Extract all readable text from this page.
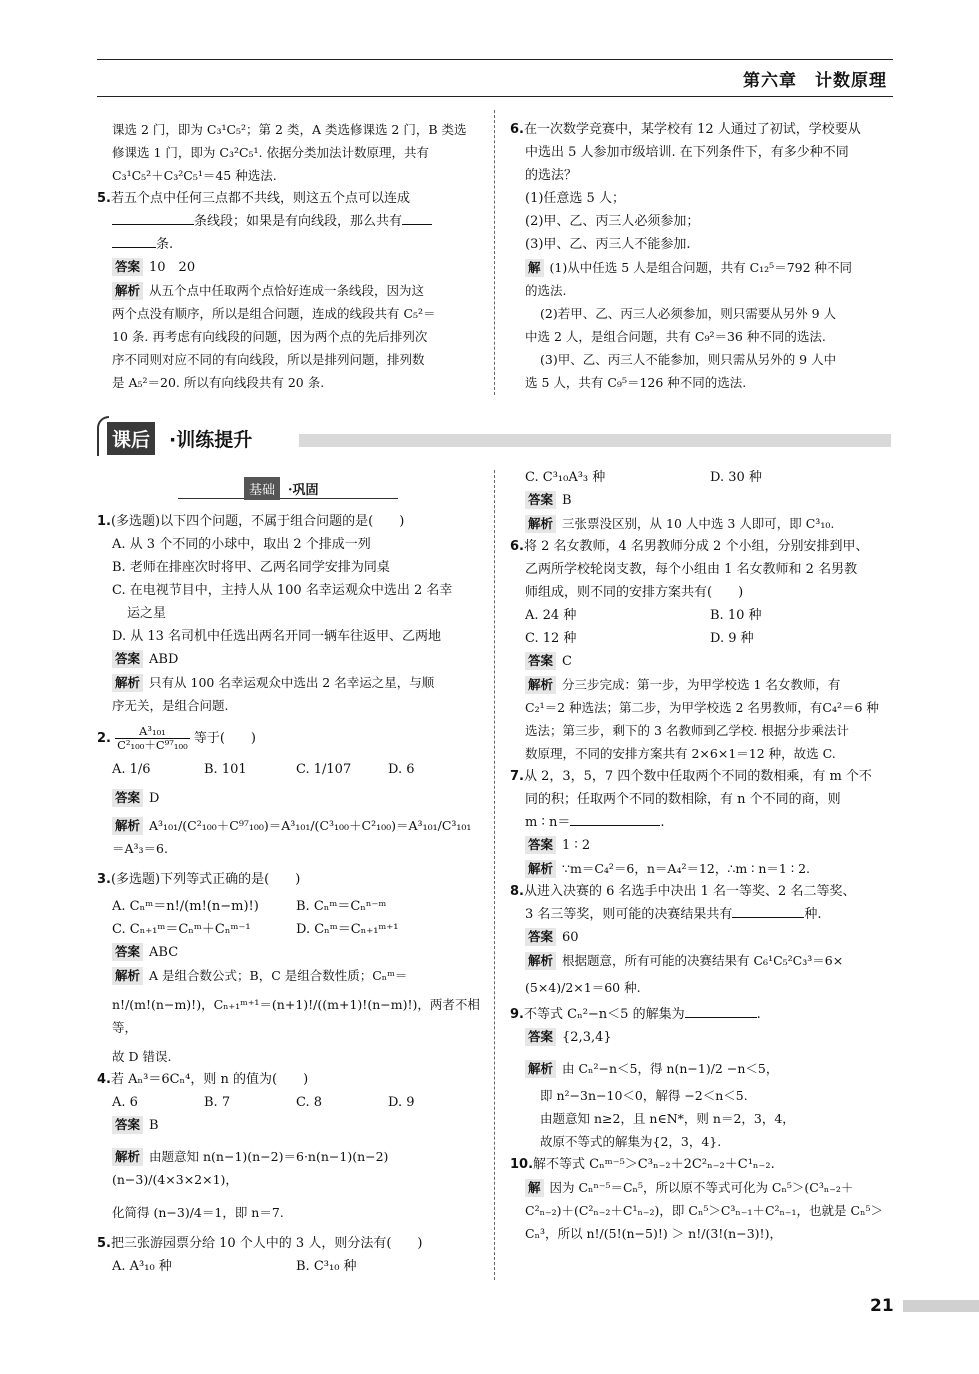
第六章　计数原理

课选 2 门，即为 C₃¹C₅²；第 2 类，A 类选修课选 2 门，B 类选

修课选 1 门，即为 C₃²C₅¹. 依据分类加法计数原理，共有

C₃¹C₅²＋C₃²C₅¹＝45 种选法.

5.若五个点中任何三点都不共线，则这五个点可以连成

条线段；如果是有向线段，那么共有

条.

答案 10　20

解析 从五个点中任取两个点恰好连成一条线段，因为这

两个点没有顺序，所以是组合问题，连成的线段共有 C₅²＝

10 条. 再考虑有向线段的问题，因为两个点的先后排列次

序不同则对应不同的有向线段，所以是排列问题，排列数

是 A₅²＝20. 所以有向线段共有 20 条.

6.在一次数学竞赛中，某学校有 12 人通过了初试，学校要从

中选出 5 人参加市级培训. 在下列条件下，有多少种不同

的选法？

(1)任意选 5 人；

(2)甲、乙、丙三人必须参加；

(3)甲、乙、丙三人不能参加.

解 (1)从中任选 5 人是组合问题，共有 C₁₂⁵＝792 种不同

的选法.

(2)若甲、乙、丙三人必须参加，则只需要从另外 9 人

中选 2 人，是组合问题，共有 C₉²＝36 种不同的选法.

(3)甲、乙、丙三人不能参加，则只需从另外的 9 人中

选 5 人，共有 C₉⁵＝126 种不同的选法.

课后 ·训练提升
基础 ·巩固

1.(多选题)以下四个问题，不属于组合问题的是(　　)

A. 从 3 个不同的小球中，取出 2 个排成一列

B. 老师在排座次时将甲、乙两名同学安排为同桌

C. 在电视节目中，主持人从 100 名幸运观众中选出 2 名幸

运之星

D. 从 13 名司机中任选出两名开同一辆车往返甲、乙两地

答案 ABD

解析 只有从 100 名幸运观众中选出 2 名幸运之星，与顺

序无关，是组合问题.

2. $\frac{\text{A³₁₀₁}}{\text{C²₁₀₀＋C⁹⁷₁₀₀}}$ 等于(　　)

A. 1/6	B. 101	C. 1/107	D. 6

答案 D

解析 A³₁₀₁/(C²₁₀₀＋C⁹⁷₁₀₀)＝A³₁₀₁/(C³₁₀₀＋C²₁₀₀)＝A³₁₀₁/C³₁₀₁＝A³₃＝6.

3.(多选题)下列等式正确的是(　　)

A. Cₙᵐ＝n!/(m!(n−m)!)	B. Cₙᵐ＝Cₙⁿ⁻ᵐ

C. Cₙ₊₁ᵐ＝Cₙᵐ＋Cₙᵐ⁻¹	D. Cₙᵐ＝Cₙ₊₁ᵐ⁺¹

答案 ABC

解析 A 是组合数公式；B，C 是组合数性质；Cₙᵐ＝

n!/(m!(n−m)!)，Cₙ₊₁ᵐ⁺¹＝(n+1)!/((m+1)!(n−m)!)，两者不相等，

故 D 错误.

4.若 Aₙ³＝6Cₙ⁴，则 n 的值为(　　)

A. 6	B. 7	C. 8	D. 9

答案 B

解析 由题意知 n(n−1)(n−2)＝6·n(n−1)(n−2)(n−3)/(4×3×2×1)，

化简得 (n−3)/4＝1，即 n＝7.

5.把三张游园票分给 10 个人中的 3 人，则分法有(　　)

A. A³₁₀ 种	B. C³₁₀ 种

C. C³₁₀A³₃ 种	D. 30 种

答案 B

解析 三张票没区别，从 10 人中选 3 人即可，即 C³₁₀.

6.将 2 名女教师，4 名男教师分成 2 个小组，分别安排到甲、

乙两所学校轮岗支教，每个小组由 1 名女教师和 2 名男教

师组成，则不同的安排方案共有(　　)

A. 24 种	B. 10 种

C. 12 种	D. 9 种

答案 C

解析 分三步完成：第一步，为甲学校选 1 名女教师，有

C₂¹＝2 种选法；第二步，为甲学校选 2 名男教师，有C₄²＝6 种

选法；第三步，剩下的 3 名教师到乙学校. 根据分步乘法计

数原理，不同的安排方案共有 2×6×1＝12 种，故选 C.

7.从 2，3，5，7 四个数中任取两个不同的数相乘，有 m 个不

同的积；任取两个不同的数相除，有 n 个不同的商，则

m ∶ n＝	.

答案 1 ∶ 2

解析 ∵m＝C₄²＝6，n＝A₄²＝12，∴m ∶ n＝1 ∶ 2.

8.从进入决赛的 6 名选手中决出 1 名一等奖、2 名二等奖、

3 名三等奖，则可能的决赛结果共有	种.

答案 60

解析 根据题意，所有可能的决赛结果有 C₆¹C₅²C₃³＝6×

(5×4)/2×1＝60 种.

9.不等式 Cₙ²−n＜5 的解集为	.

答案 {2,3,4}

解析 由 Cₙ²−n＜5，得 n(n−1)/2 −n＜5，

即 n²−3n−10＜0，解得 −2＜n＜5.

由题意知 n≥2，且 n∈N*，则 n＝2，3，4，

故原不等式的解集为{2，3，4}.

10.解不等式 Cₙᵐ⁻⁵＞C³ₙ₋₂＋2C²ₙ₋₂＋C¹ₙ₋₂.

解 因为 Cₙⁿ⁻⁵＝Cₙ⁵，所以原不等式可化为 Cₙ⁵＞(C³ₙ₋₂＋

C²ₙ₋₂)＋(C²ₙ₋₂＋C¹ₙ₋₂)，即 Cₙ⁵＞C³ₙ₋₁＋C²ₙ₋₁，也就是 Cₙ⁵＞

Cₙ³，所以 n!/(5!(n−5)!) ＞ n!/(3!(n−3)!)，

21
